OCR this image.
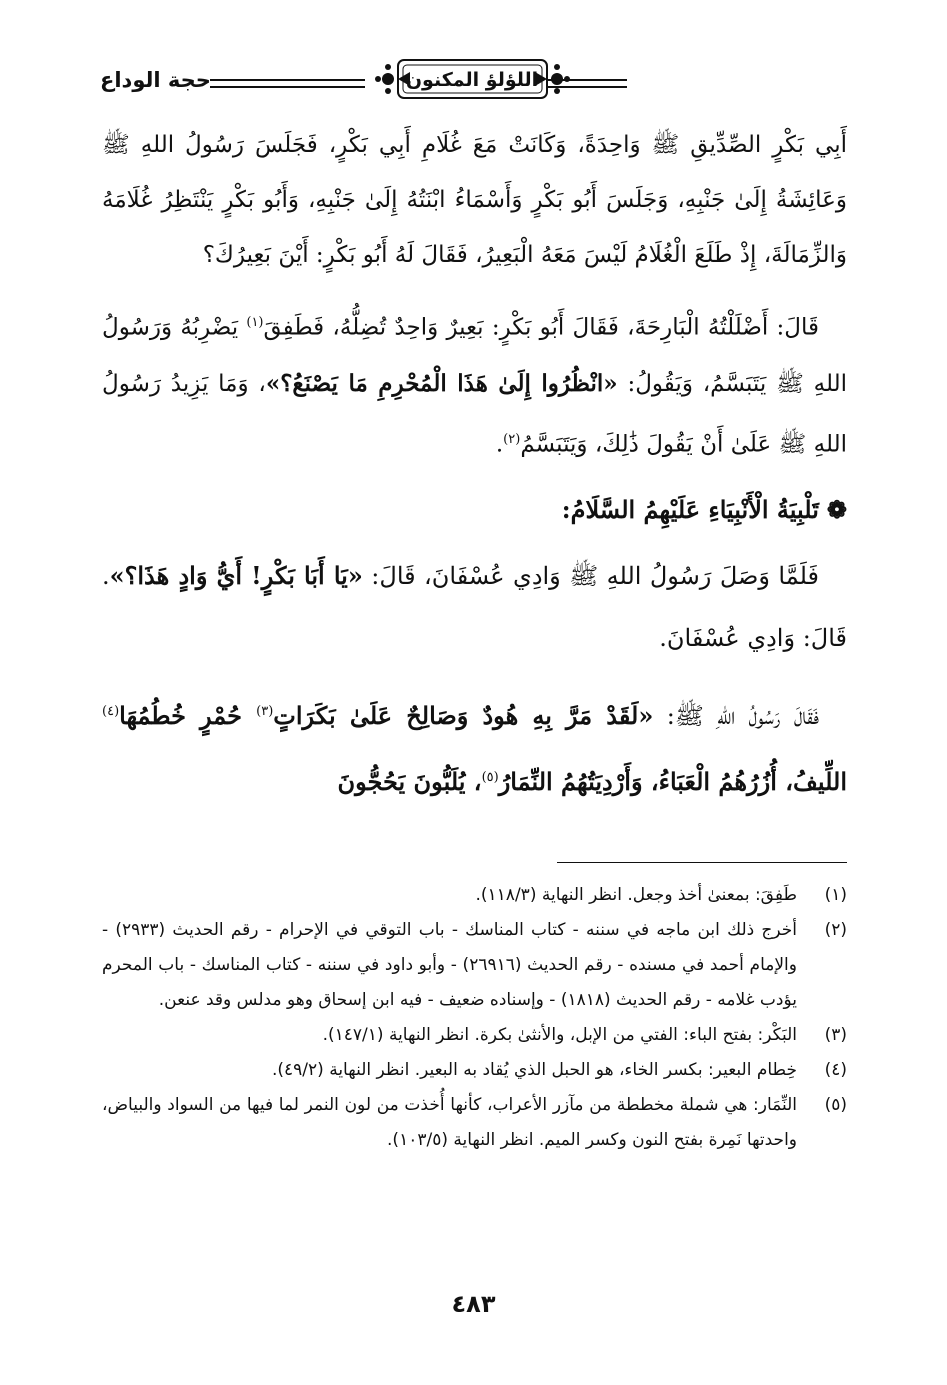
اللؤلؤ المكنون
حجة الوداع

أَبِي بَكْرٍ الصِّدِّيقِ ﷺ وَاحِدَةً، وَكَانَتْ مَعَ غُلَامِ أَبِي بَكْرٍ، فَجَلَسَ رَسُولُ اللهِ ﷺ وَعَائِشَةُ إِلَىٰ جَنْبِهِ، وَجَلَسَ أَبُو بَكْرٍ وَأَسْمَاءُ ابْنَتُهُ إِلَىٰ جَنْبِهِ، وَأَبُو بَكْرٍ يَنْتَظِرُ غُلَامَهُ وَالزِّمَالَةَ، إِذْ طَلَعَ الْغُلَامُ لَيْسَ مَعَهُ الْبَعِيرُ، فَقَالَ لَهُ أَبُو بَكْرٍ: أَيْنَ بَعِيرُكَ؟

قَالَ: أَضْلَلْتُهُ الْبَارِحَةَ، فَقَالَ أَبُو بَكْرٍ: بَعِيرٌ وَاحِدٌ تُضِلُّهُ، فَطَفِقَ$^{(١)}$ يَضْرِبُهُ وَرَسُولُ اللهِ ﷺ يَتَبَسَّمُ، وَيَقُولُ: «انْظُرُوا إِلَىٰ هَذَا الْمُحْرِمِ مَا يَصْنَعُ؟»، وَمَا يَزِيدُ رَسُولُ اللهِ ﷺ عَلَىٰ أَنْ يَقُولَ ذَٰلِكَ، وَيَتَبَسَّمُ$^{(٢)}$.

❁تَلْبِيَةُ الْأَنْبِيَاءِ عَلَيْهِمُ السَّلَامُ:

فَلَمَّا وَصَلَ رَسُولُ اللهِ ﷺ وَادِي عُسْفَانَ، قَالَ: «يَا أَبَا بَكْرٍ! أَيُّ وَادٍ هَذَا؟». قَالَ: وَادِي عُسْفَانَ.

فَقَالَ رَسُولُ اللهِ ﷺ: «لَقَدْ مَرَّ بِهِ هُودٌ وَصَالِحٌ عَلَىٰ بَكَرَاتٍ$^{(٣)}$ حُمْرٍ خُطُمُهَا$^{(٤)}$ اللِّيفُ، أُزُرُهُمُ الْعَبَاءُ، وَأَرْدِيَتُهُمُ النِّمَارُ$^{(٥)}$، يُلَبُّونَ يَحُجُّونَ

(١)
طَفِقَ: بمعنىٰ أخذ وجعل. انظر النهاية (١١٨/٣).
(٢)
أخرج ذلك ابن ماجه في سننه - كتاب المناسك - باب التوقي في الإحرام - رقم الحديث (٢٩٣٣) - والإمام أحمد في مسنده - رقم الحديث (٢٦٩١٦) - وأبو داود في سننه - كتاب المناسك - باب المحرم يؤدب غلامه - رقم الحديث (١٨١٨) - وإسناده ضعيف - فيه ابن إسحاق وهو مدلس وقد عنعن.
(٣)
البَكْر: بفتح الباء: الفتي من الإبل، والأنثىٰ بكرة. انظر النهاية (١٤٧/١).
(٤)
خِطام البعير: بكسر الخاء، هو الحبل الذي يُقاد به البعير. انظر النهاية (٤٩/٢).
(٥)
النِّمَار: هي شملة مخططة من مآزر الأعراب، كأنها أُخذت من لون النمر لما فيها من السواد والبياض، واحدتها نَمِرة بفتح النون وكسر الميم. انظر النهاية (١٠٣/٥).
٤٨٣
